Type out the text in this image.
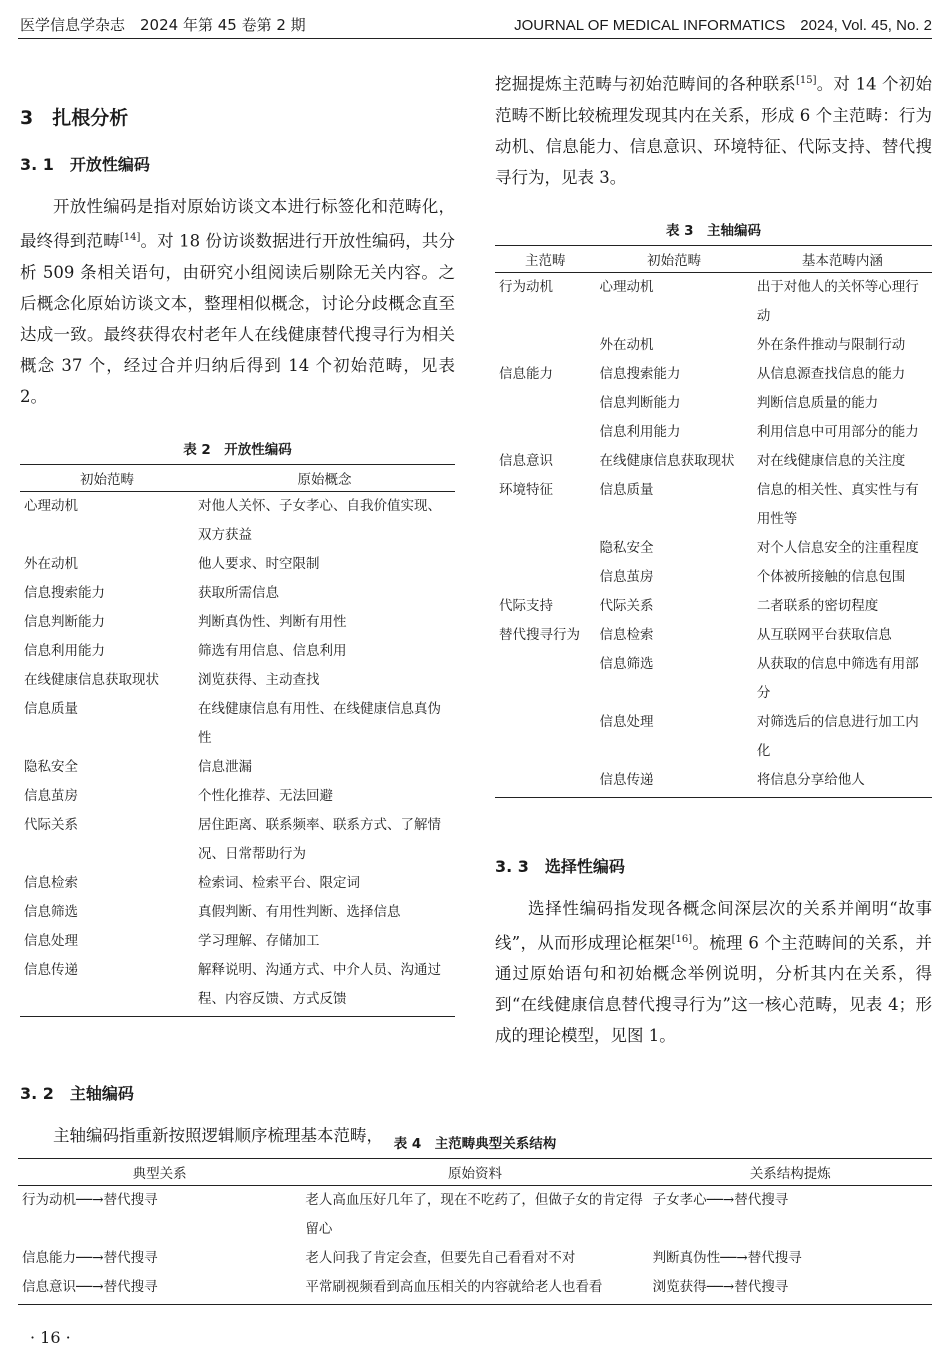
医学信息学杂志　2024 年第 45 卷第 2 期	JOURNAL OF MEDICAL INFORMATICS　2024, Vol. 45, No. 2
3　扎根分析
3. 1　开放性编码

开放性编码是指对原始访谈文本进行标签化和范畴化，最终得到范畴[14]。对 18 份访谈数据进行开放性编码，共分析 509 条相关语句，由研究小组阅读后剔除无关内容。之后概念化原始访谈文本，整理相似概念，讨论分歧概念直至达成一致。最终获得农村老年人在线健康替代搜寻行为相关概念 37 个，经过合并归纳后得到 14 个初始范畴，见表 2。

表 2　开放性编码
初始范畴	原始概念
心理动机	对他人关怀、子女孝心、自我价值实现、双方获益
外在动机	他人要求、时空限制
信息搜索能力	获取所需信息
信息判断能力	判断真伪性、判断有用性
信息利用能力	筛选有用信息、信息利用
在线健康信息获取现状	浏览获得、主动查找
信息质量	在线健康信息有用性、在线健康信息真伪性
隐私安全	信息泄漏
信息茧房	个性化推荐、无法回避
代际关系	居住距离、联系频率、联系方式、了解情况、日常帮助行为
信息检索	检索词、检索平台、限定词
信息筛选	真假判断、有用性判断、选择信息
信息处理	学习理解、存储加工
信息传递	解释说明、沟通方式、中介人员、沟通过程、内容反馈、方式反馈
3. 2　主轴编码

主轴编码指重新按照逻辑顺序梳理基本范畴，

挖掘提炼主范畴与初始范畴间的各种联系[15]。对 14 个初始范畴不断比较梳理发现其内在关系，形成 6 个主范畴：行为动机、信息能力、信息意识、环境特征、代际支持、替代搜寻行为，见表 3。

表 3　主轴编码
主范畴	初始范畴	基本范畴内涵
行为动机	心理动机	出于对他人的关怀等心理行动
	外在动机	外在条件推动与限制行动
信息能力	信息搜索能力	从信息源查找信息的能力
	信息判断能力	判断信息质量的能力
	信息利用能力	利用信息中可用部分的能力
信息意识	在线健康信息获取现状	对在线健康信息的关注度
环境特征	信息质量	信息的相关性、真实性与有用性等
	隐私安全	对个人信息安全的注重程度
	信息茧房	个体被所接触的信息包围
代际支持	代际关系	二者联系的密切程度
替代搜寻行为	信息检索	从互联网平台获取信息
	信息筛选	从获取的信息中筛选有用部分
	信息处理	对筛选后的信息进行加工内化
	信息传递	将信息分享给他人
3. 3　选择性编码

选择性编码指发现各概念间深层次的关系并阐明“故事线”，从而形成理论框架[16]。梳理 6 个主范畴间的关系，并通过原始语句和初始概念举例说明，分析其内在关系，得到“在线健康信息替代搜寻行为”这一核心范畴，见表 4；形成的理论模型，见图 1。

表 4　主范畴典型关系结构
典型关系	原始资料	关系结构提炼
行为动机──→替代搜寻	老人高血压好几年了，现在不吃药了，但做子女的肯定得留心	子女孝心──→替代搜寻
信息能力──→替代搜寻	老人问我了肯定会查，但要先自己看看对不对	判断真伪性──→替代搜寻
信息意识──→替代搜寻	平常刷视频看到高血压相关的内容就给老人也看看	浏览获得──→替代搜寻
· 16 ·
